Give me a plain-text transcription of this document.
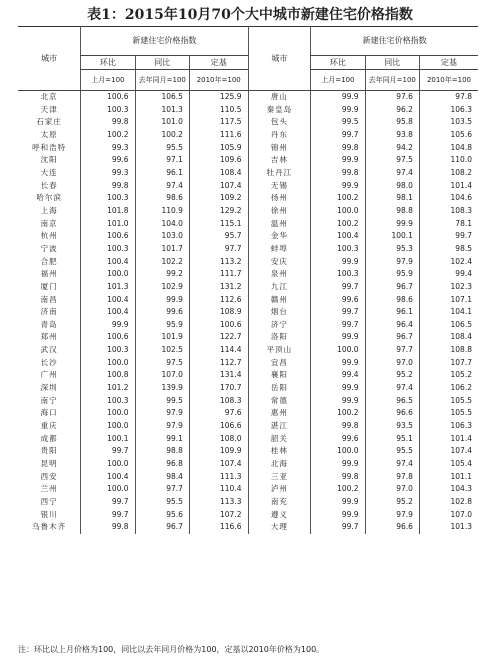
表1：2015年10月70个大中城市新建住宅价格指数
城市	新建住宅价格指数			城市	新建住宅价格指数		
	环比	同比	定基		环比	同比	定基
	上月=100	去年同月=100	2010年=100		上月=100	去年同月=100	2010年=100
北京	100.6	106.5	125.9	唐山	99.9	97.6	97.8
天津	100.3	101.3	110.5	秦皇岛	99.9	96.2	106.3
石家庄	99.8	101.0	117.5	包头	99.5	95.8	103.5
太原	100.2	100.2	111.6	丹东	99.7	93.8	105.6
呼和浩特	99.3	95.5	105.9	锦州	99.8	94.2	104.8
沈阳	99.6	97.1	109.6	吉林	99.9	97.5	110.0
大连	99.3	96.1	108.4	牡丹江	99.8	97.4	108.2
长春	99.8	97.4	107.4	无锡	99.9	98.0	101.4
哈尔滨	100.3	98.6	109.2	扬州	100.2	98.1	104.6
上海	101.8	110.9	129.2	徐州	100.0	98.8	108.3
南京	101.0	104.0	115.1	温州	100.2	99.9	78.1
杭州	100.6	103.0	95.7	金华	100.4	100.1	99.7
宁波	100.3	101.7	97.7	蚌埠	100.3	95.3	98.5
合肥	100.4	102.2	113.2	安庆	99.9	97.9	102.4
福州	100.0	99.2	111.7	泉州	100.3	95.9	99.4
厦门	101.3	102.9	131.2	九江	99.7	96.7	102.3
南昌	100.4	99.9	112.6	赣州	99.6	98.6	107.1
济南	100.4	99.6	108.9	烟台	99.7	96.1	104.1
青岛	99.9	95.9	100.6	济宁	99.7	96.4	106.5
郑州	100.6	101.9	122.7	洛阳	99.9	96.7	108.4
武汉	100.3	102.5	114.4	平顶山	100.0	97.7	108.8
长沙	100.0	97.5	112.7	宜昌	99.9	97.0	107.7
广州	100.8	107.0	131.4	襄阳	99.4	95.2	105.2
深圳	101.2	139.9	170.7	岳阳	99.9	97.4	106.2
南宁	100.3	99.5	108.3	常德	99.9	96.5	105.5
海口	100.0	97.9	97.6	惠州	100.2	96.6	105.5
重庆	100.0	97.9	106.6	湛江	99.8	93.5	106.3
成都	100.1	99.1	108.0	韶关	99.6	95.1	101.4
贵阳	99.7	98.8	109.9	桂林	100.0	95.5	107.4
昆明	100.0	96.8	107.4	北海	99.9	97.4	105.4
西安	100.4	98.4	111.3	三亚	99.8	97.8	101.1
兰州	100.0	97.7	110.4	泸州	100.2	97.0	104.3
西宁	99.7	95.5	113.3	南充	99.9	95.2	102.8
银川	99.7	95.6	107.2	遵义	99.9	97.9	107.0
乌鲁木齐	99.8	96.7	116.6	大理	99.7	96.6	101.3
注：环比以上月价格为100，同比以去年同月价格为100，定基以2010年价格为100。
